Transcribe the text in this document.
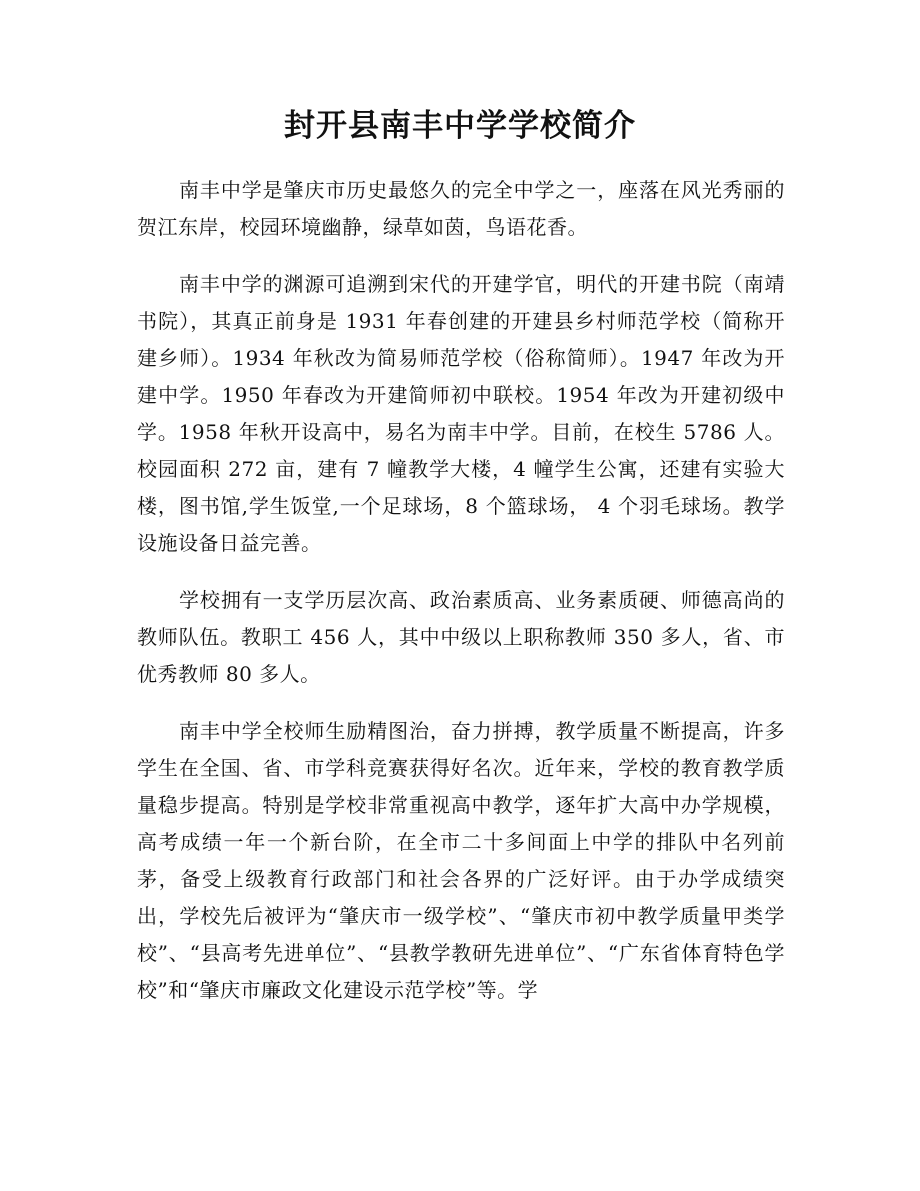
封开县南丰中学学校简介

南丰中学是肇庆市历史最悠久的完全中学之一，座落在风光秀丽的贺江东岸，校园环境幽静，绿草如茵，鸟语花香。

南丰中学的渊源可追溯到宋代的开建学官，明代的开建书院（南靖书院），其真正前身是 1931 年春创建的开建县乡村师范学校（简称开建乡师）。1934 年秋改为简易师范学校（俗称简师）。1947 年改为开建中学。1950 年春改为开建简师初中联校。1954 年改为开建初级中学。1958 年秋开设高中，易名为南丰中学。目前，在校生 5786 人。校园面积 272 亩，建有 7 幢教学大楼，4 幢学生公寓，还建有实验大楼，图书馆,学生饭堂,一个足球场，8 个篮球场， 4 个羽毛球场。教学设施设备日益完善。

学校拥有一支学历层次高、政治素质高、业务素质硬、师德高尚的教师队伍。教职工 456 人，其中中级以上职称教师 350 多人，省、市优秀教师 80 多人。

南丰中学全校师生励精图治，奋力拼搏，教学质量不断提高，许多学生在全国、省、市学科竞赛获得好名次。近年来，学校的教育教学质量稳步提高。特别是学校非常重视高中教学，逐年扩大高中办学规模，高考成绩一年一个新台阶，在全市二十多间面上中学的排队中名列前茅，备受上级教育行政部门和社会各界的广泛好评。由于办学成绩突出，学校先后被评为“肇庆市一级学校”、“肇庆市初中教学质量甲类学校”、“县高考先进单位”、“县教学教研先进单位”、“广东省体育特色学校”和“肇庆市廉政文化建设示范学校”等。学
